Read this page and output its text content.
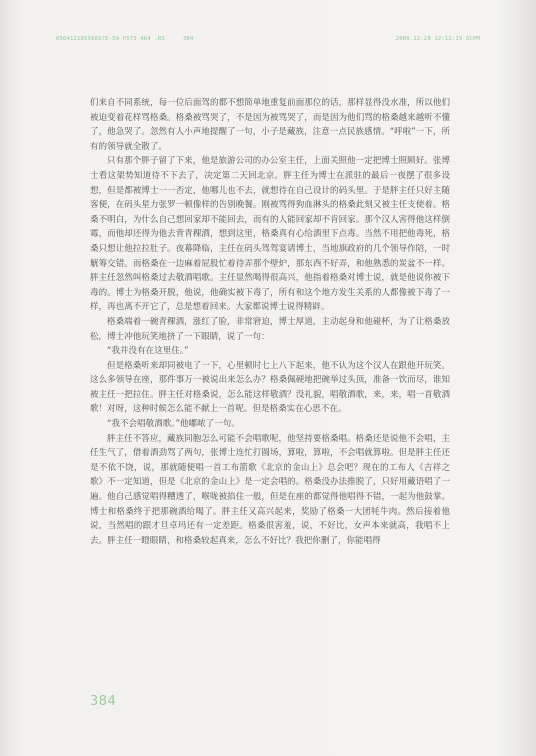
05041218556897E-59 P573 484 .RS	384	2009.12.28 12:12:19 SCPM

们来自不同系统，每一位后面驾的都不想简单地重复前面那位的话，那样显得没水准，所以他们被迫变着花样骂格桑。格桑被骂哭了，不是因为被骂哭了，而是因为他们骂的格桑越来越听不懂了，他急哭了。忽然有人小声地提醒了一句，小子是藏族，注意一点民族感情。“呼啦”一下，所有的领导就全散了。

只有那个胖子留了下来，他是旅游公司的办公室主任，上面关照他一定把博士照顾好。张博士看这架势知道待不下去了，决定第二天回北京。胖主任为博士在派驻的最后一夜摆了很多设想，但是都被博士一一否定，他哪儿也不去，就想待在自己设计的码头里。于是胖主任只好主随客便，在码头星力张罗一顿像样的告别晚餐。刚被骂得狗血淋头的格桑此刻又被主任支使着。格桑不明白，为什么自己想回家却不能回去，而有的人能回家却不肯回家。那个汉人害得他这样倒霉，而他却还得为他去背青稞酒，想到这里，格桑真有心给酒里下点毒。当然不用把他毒死，格桑只想让他拉拉肚子。夜幕降临，主任在码头驾驾宴请博士，当地旗政府的几个领导作陪，一时觥筹交错。而格桑在一边麻着屁股忙着待弄那个壁炉，那东西不好弄，和他熟悉的炭盆不一样。胖主任忽然叫格桑过去敬酒唱歌。主任显然喝得很高兴，他指着格桑对博士说，就是他说你被下毒的。博士为格桑开脱，他说，他确实被下毒了，所有和这个地方发生关系的人都像被下毒了一样，再也离不开它了，总是想着回来。大家都说博士说得精辟。

格桑端着一碗青稞酒，涨红了脸，非常窘迫，博士厚道，主动起身和他碰杯，为了让格桑放松，博士冲他玩笑地挤了一下眼睛，说了一句：

“我并没有在这里住。”

但是格桑听来却同被电了一下，心里顿时七上八下起来，他不认为这个汉人在跟他开玩笑。这么多领导在座，那件事万一被说出来怎么办？格桑佩硬地把碗举过头顶，准备一饮而尽，谁知被主任一把拉住。胖主任对格桑说，怎么能这样敬酒？没礼貌，唱敬酒歌，来，来，唱一首敬酒歌！对呀，这种时候怎么能不献上一首呢。但是格桑实在心思不在。

“我不会唱敬酒歌。”他嘟哝了一句。

胖主任不答应，藏族同胞怎么可能不会唱歌呢，他坚持要格桑唱。格桑还是说他不会唱，主任生气了，借着酒劲骂了两句，张博士连忙打圆场，算啦，算啦，不会唱就算啦。但是胖主任还是不依不饶，说，那就随便唱一首工布箭歌《北京的金山上》总会吧？现在的工布人《吉祥之歌》不一定知道，但是《北京的金山上》是一定会唱的。格桑没办法推脱了，只好用藏语唱了一遍。他自己感觉唱得糟透了，喉咙被掐住一般，但是在座的都觉得他唱得不错，一起为他鼓掌。博士和格桑终于把那碗酒给喝了。胖主任又高兴起来，奖励了格桑一大团牦牛肉。然后接着他说，当然唱的跟才旦卓玛还有一定差距。格桑很害羞，说，不好比，女声本来就高，我唱不上去。胖主任一瞪眼睛，和格桑较起真来，怎么不好比？我把你删了，你能唱得

384
